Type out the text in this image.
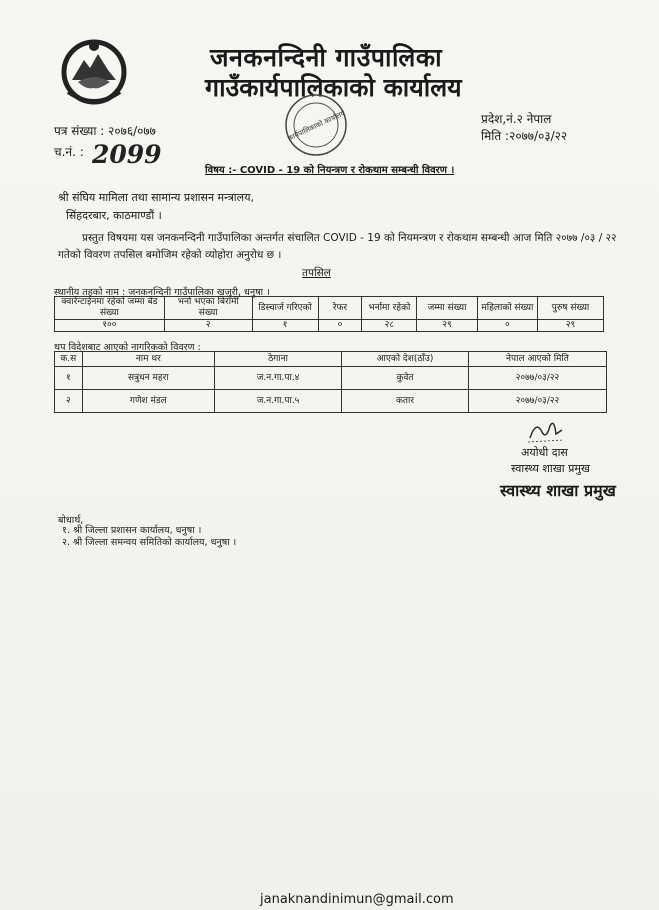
जनकनन्दिनी गाउँपालिका
गाउँकार्यपालिकाको कार्यालय
कार्यपालिकाको कार्यालय	प्रदेश,नं.२ नेपाल
मिति :२०७७/०३/२२
पत्र संख्या : २०७६/०७७
च.नं. : 2099
विषय :- COVID - 19 को नियन्त्रण र रोकथाम सम्बन्धी विवरण ।
श्री संघिय मामिला तथा सामान्य प्रशासन मन्त्रालय,
सिंहदरबार, काठमाण्डौं ।
प्रस्तुत विषयमा यस जनकनन्दिनी गाउँपालिका अन्तर्गत संचालित COVID - 19 को नियमन्त्रण र रोकथाम सम्बन्धी आज मिति २०७७ /०३ / २२ गतेको विवरण तपसिल बमोजिम रहेको व्योहोरा अनुरोध छ ।
तपसिल
स्थानीय तहको नाम : जनकनन्दिनी गाउँपालिका खजुरी, धनुषा ।
क्वारेन्टाईनमा रहेको जम्मा बेड संख्या	भर्ना भएका बिरामी संख्या	डिस्चार्ज गरिएको	रेफर	भर्नामा रहेको	जम्मा संख्या	महिलाको संख्या	पुरुष संख्या
१००	२	१	०	२८	२९	०	२९
थप विदेशबाट आएको नागरिकको विवरण :
क.स	नाम थर	ठेगाना	आएको देश(ठाँउ)	नेपाल आएको मिति
१	सत्रुधन महरा	ज.न.गा.पा.४	कुवेत	२०७७/०३/२२
२	गणेश मंडल	ज.न.गा.पा.५	कतार	२०७७/०३/२२
अयोधी दास
स्वास्थ्य शाखा प्रमुख
स्वास्थ्य शाखा प्रमुख
बोधार्थ,
१. श्री जिल्ला प्रशासन कार्यालय, धनुषा ।
२. श्री जिल्ला समन्वय समितिको कार्यालय, धनुषा ।
janaknandinimun@gmail.com
